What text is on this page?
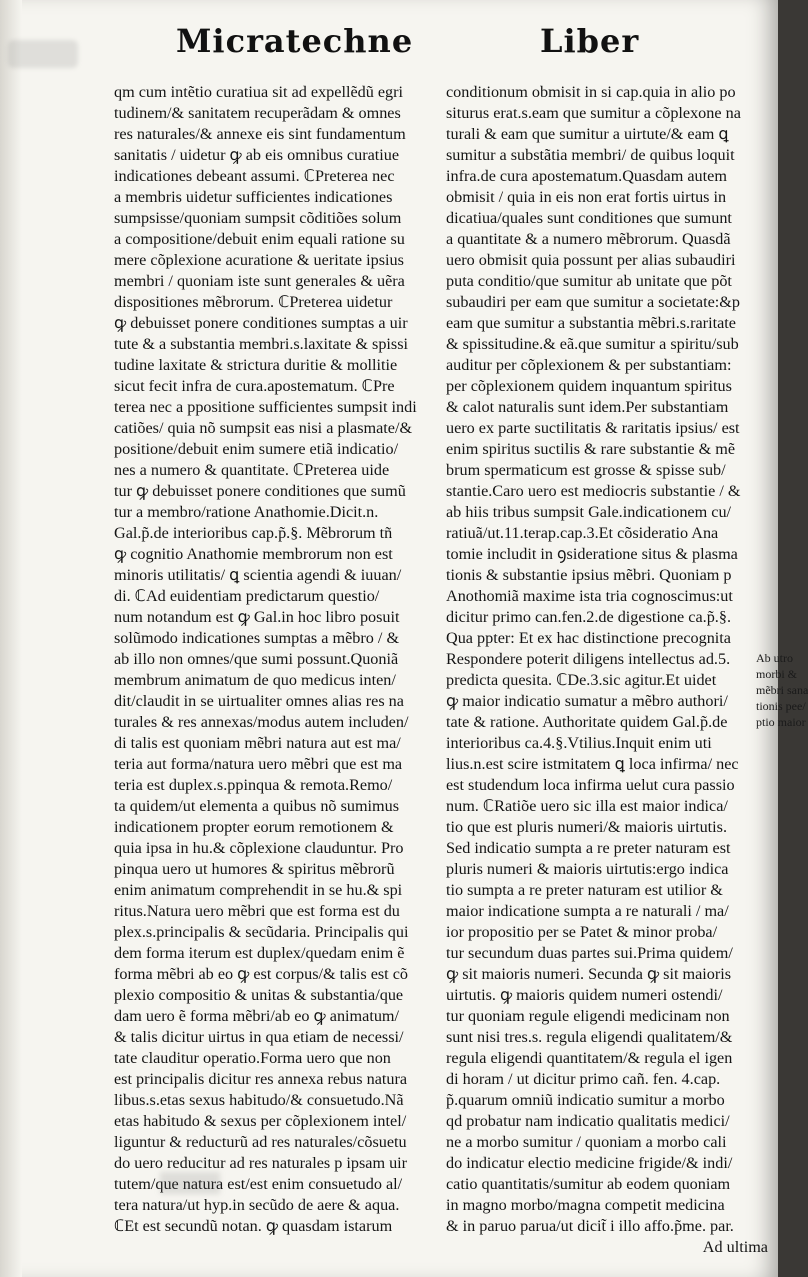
Micratechne	Liber
qm cum intẽtio curatiua sit ad expellẽdũ egri
tudinem/& sanitatem recuperãdam & omnes
res naturales/& annexe eis sint fundamentum
sanitatis / uidetur ꝙ ab eis omnibus curatiue
indicationes debeant assumi. ℂPreterea nec
a membris uidetur sufficientes indicationes
sumpsisse/quoniam sumpsit cõditiões solum
a compositione/debuit enim equali ratione su
mere cõplexione acuratione & ueritate ipsius
membri / quoniam iste sunt generales & uẽra
dispositiones mẽbrorum. ℂPreterea uidetur
ꝙ debuisset ponere conditiones sumptas a uir
tute & a substantia membri.s.laxitate & spissi
tudine laxitate & strictura duritie & mollitie
sicut fecit infra de cura.apostematum. ℂPre
terea nec a ppositione sufficientes sumpsit indi
catiões/ quia nõ sumpsit eas nisi a plasmate/&
positione/debuit enim sumere etiã indicatio/
nes a numero & quantitate. ℂPreterea uide
tur ꝙ debuisset ponere conditiones que sumũ
tur a membro/ratione Anathomie.Dicit.n.
Gal.p̃.de interioribus cap.p̃.§. Mẽbrorum tñ
ꝙ cognitio Anathomie membrorum non est
minoris utilitatis/ ꝗ scientia agendi & iuuan/
di. ℂAd euidentiam predictarum questio/
num notandum est ꝙ Gal.in hoc libro posuit
solũmodo indicationes sumptas a mẽbro / &
ab illo non omnes/que sumi possunt.Quoniã
membrum animatum de quo medicus inten/
dit/claudit in se uirtualiter omnes alias res na
turales & res annexas/modus autem includen/
di talis est quoniam mẽbri natura aut est ma/
teria aut forma/natura uero mẽbri que est ma
teria est duplex.s.ppinqua & remota.Remo/
ta quidem/ut elementa a quibus nõ sumimus
indicationem propter eorum remotionem &
quia ipsa in hu.& cõplexione clauduntur. Pro
pinqua uero ut humores & spiritus mẽbrorũ
enim animatum comprehendit in se hu.& spi
ritus.Natura uero mẽbri que est forma est du
plex.s.principalis & secũdaria. Principalis qui
dem forma iterum est duplex/quedam enim ẽ
forma mẽbri ab eo ꝙ est corpus/& talis est cõ
plexio compositio & unitas & substantia/que
dam uero ẽ forma mẽbri/ab eo ꝙ animatum/
& talis dicitur uirtus in qua etiam de necessi/
tate clauditur operatio.Forma uero que non
est principalis dicitur res annexa rebus natura
libus.s.etas sexus habitudo/& consuetudo.Nã
etas habitudo & sexus per cõplexionem intel/
liguntur & reducturũ ad res naturales/cõsuetu
do uero reducitur ad res naturales p ipsam uir
tutem/que natura est/est enim consuetudo al/
tera natura/ut hyp.in secũdo de aere & aqua.
ℂEt est secundũ notan. ꝙ quasdam istarum
conditionum obmisit in si cap.quia in alio po
siturus erat.s.eam que sumitur a cõplexone na
turali & eam que sumitur a uirtute/& eam ꝗ
sumitur a substãtia membri/ de quibus loquit
infra.de cura apostematum.Quasdam autem
obmisit / quia in eis non erat fortis uirtus in
dicatiua/quales sunt conditiones que sumunt
a quantitate & a numero mẽbrorum. Quasdã
uero obmisit quia possunt per alias subaudiri
puta conditio/que sumitur ab unitate que põt
subaudiri per eam que sumitur a societate:&p
eam que sumitur a substantia mẽbri.s.raritate
& spissitudine.& eã.que sumitur a spiritu/sub
auditur per cõplexionem & per substantiam:
per cõplexionem quidem inquantum spiritus
& calot naturalis sunt idem.Per substantiam
uero ex parte suctilitatis & raritatis ipsius/ est
enim spiritus suctilis & rare substantie & mẽ
brum spermaticum est grosse & spisse sub/
stantie.Caro uero est mediocris substantie / &
ab hiis tribus sumpsit Gale.indicationem cu/
ratiuã/ut.11.terap.cap.3.Et cõsideratio Ana
tomie includit in ꝯsideratione situs & plasma
tionis & substantie ipsius mẽbri. Quoniam p
Anothomiã maxime ista tria cognoscimus:ut
dicitur primo can.fen.2.de digestione ca.p̃.§.
Qua ppter: Et ex hac distinctione precognita
Respondere poterit diligens intellectus ad.5.
predicta quesita. ℂDe.3.sic agitur.Et uidet
ꝙ maior indicatio sumatur a mẽbro authori/
tate & ratione. Authoritate quidem Gal.p̃.de
interioribus ca.4.§.Vtilius.Inquit enim uti
lius.n.est scire istmitatem ꝗ loca infirma/ nec
est studendum loca infirma uelut cura passio
num. ℂRatiõe uero sic illa est maior indica/
tio que est pluris numeri/& maioris uirtutis.
Sed indicatio sumpta a re preter naturam est
pluris numeri & maioris uirtutis:ergo indica
tio sumpta a re preter naturam est utilior &
maior indicatione sumpta a re naturali / ma/
ior propositio per se Patet & minor proba/
tur secundum duas partes sui.Prima quidem/
ꝙ sit maioris numeri. Secunda ꝙ sit maioris
uirtutis. ꝙ maioris quidem numeri ostendi/
tur quoniam regule eligendi medicinam non
sunt nisi tres.s. regula eligendi qualitatem/&
regula eligendi quantitatem/& regula el igen
di horam / ut dicitur primo cañ. fen. 4.cap.
p̃.quarum omniũ indicatio sumitur a morbo
qd probatur nam indicatio qualitatis medici/
ne a morbo sumitur / quoniam a morbo cali
do indicatur electio medicine frigide/& indi/
catio quantitatis/sumitur ab eodem quoniam
in magno morbo/magna competit medicina
& in paruo parua/ut dicit̃ i illo affo.p̃me. par.
Ad ultima
Ab utro
morbi &
mẽbri sana
tionis pee/
ptio maior
